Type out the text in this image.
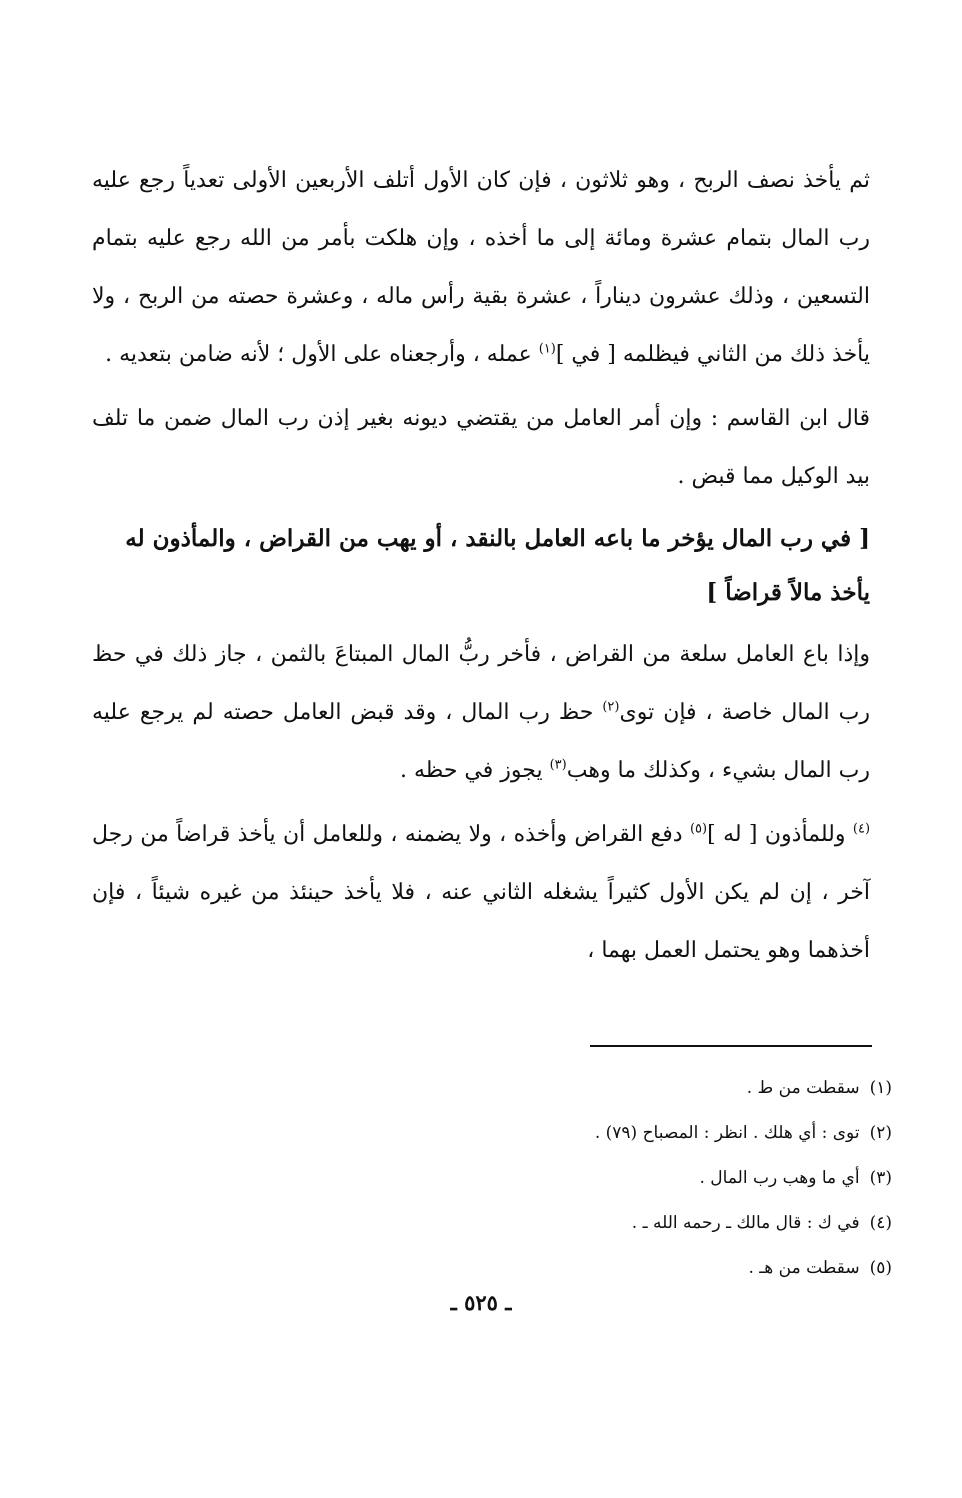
ثم يأخذ نصف الربح ، وهو ثلاثون ، فإن كان الأول أتلف الأربعين الأولى تعدياً رجع عليه رب المال بتمام عشرة ومائة إلى ما أخذه ، وإن هلكت بأمر من الله رجع عليه بتمام التسعين ، وذلك عشرون ديناراً ، عشرة بقية رأس ماله ، وعشرة حصته من الربح ، ولا يأخذ ذلك من الثاني فيظلمه [ في ]$^{(١)}$ عمله ، وأرجعناه على الأول ؛ لأنه ضامن بتعديه .

قال ابن القاسم : وإن أمر العامل من يقتضي ديونه بغير إذن رب المال ضمن ما تلف بيد الوكيل مما قبض .

[ في رب المال يؤخر ما باعه العامل بالنقد ، أو يهب من القراض ، والمأذون له يأخذ مالاً قراضاً ]

وإذا باع العامل سلعة من القراض ، فأخر ربُّ المال المبتاعَ بالثمن ، جاز ذلك في حظ رب المال خاصة ، فإن توى$^{(٢)}$ حظ رب المال ، وقد قبض العامل حصته لم يرجع عليه رب المال بشيء ، وكذلك ما وهب$^{(٣)}$ يجوز في حظه .

$^{(٤)}$ وللمأذون [ له ]$^{(٥)}$ دفع القراض وأخذه ، ولا يضمنه ، وللعامل أن يأخذ قراضاً من رجل آخر ، إن لم يكن الأول كثيراً يشغله الثاني عنه ، فلا يأخذ حينئذ من غيره شيئاً ، فإن أخذهما وهو يحتمل العمل بهما ،

(١)سقطت من ط .
(٢)توى : أي هلك . انظر : المصباح (٧٩) .
(٣)أي ما وهب رب المال .
(٤)في ك : قال مالك ـ رحمه الله ـ .
(٥)سقطت من هـ .
ـ ٥٢٥ ـ
